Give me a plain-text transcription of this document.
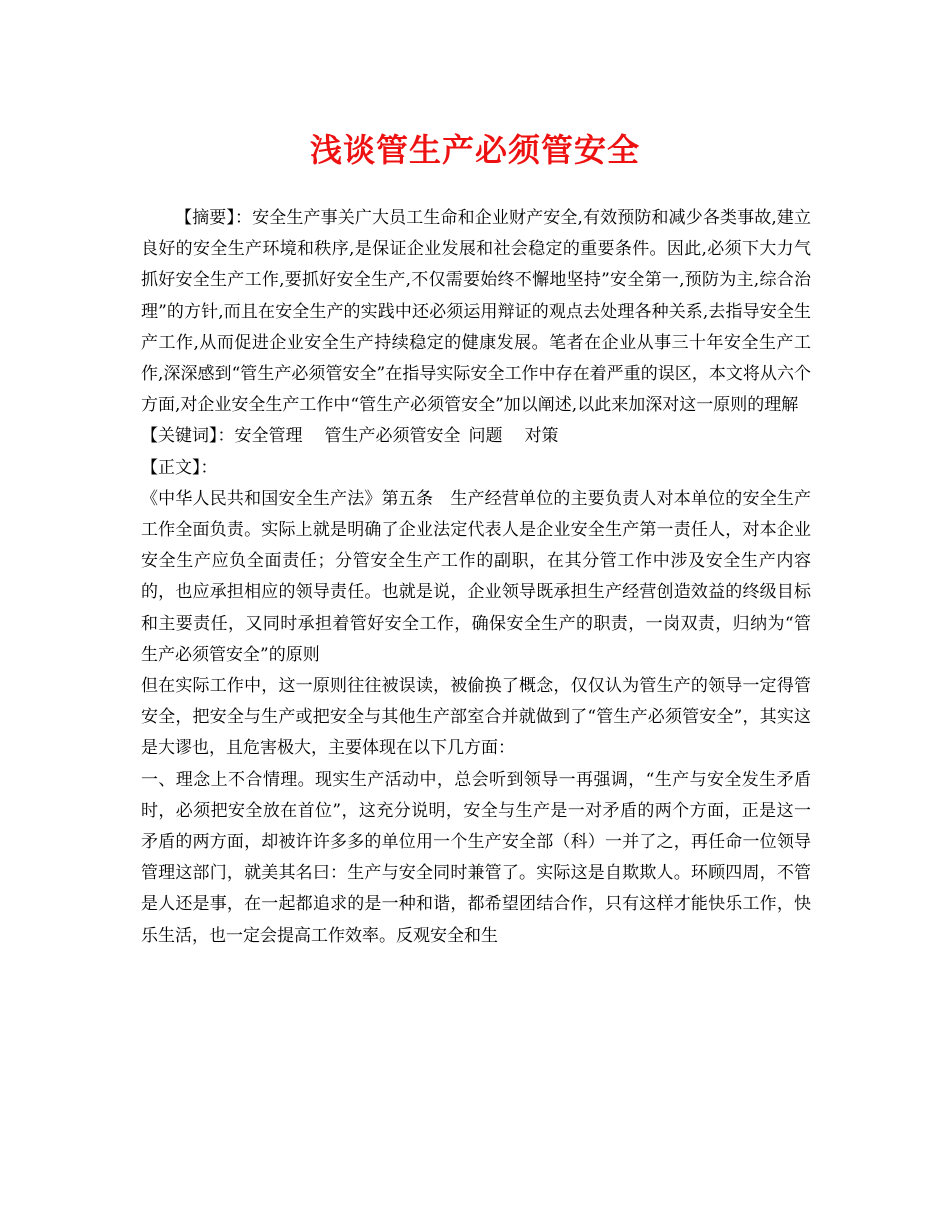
浅谈管生产必须管安全

【摘要】：安全生产事关广大员工生命和企业财产安全,有效预防和减少各类事故,建立良好的安全生产环境和秩序,是保证企业发展和社会稳定的重要条件。因此,必须下大力气抓好安全生产工作,要抓好安全生产,不仅需要始终不懈地坚持”安全第一,预防为主,综合治理”的方针,而且在安全生产的实践中还必须运用辩证的观点去处理各种关系,去指导安全生产工作,从而促进企业安全生产持续稳定的健康发展。笔者在企业从事三十年安全生产工作,深深感到“管生产必须管安全”在指导实际安全工作中存在着严重的误区，本文将从六个方面,对企业安全生产工作中“管生产必须管安全”加以阐述,以此来加深对这一原则的理解

【关键词】：安全管理 管生产必须管安全 问题 对策

【正文】：

《中华人民共和国安全生产法》第五条　生产经营单位的主要负责人对本单位的安全生产工作全面负责。实际上就是明确了企业法定代表人是企业安全生产第一责任人，对本企业安全生产应负全面责任；分管安全生产工作的副职，在其分管工作中涉及安全生产内容的，也应承担相应的领导责任。也就是说，企业领导既承担生产经营创造效益的终级目标和主要责任，又同时承担着管好安全工作，确保安全生产的职责，一岗双责，归纳为“管生产必须管安全”的原则

但在实际工作中，这一原则往往被误读，被偷换了概念，仅仅认为管生产的领导一定得管安全，把安全与生产或把安全与其他生产部室合并就做到了“管生产必须管安全”，其实这是大谬也，且危害极大，主要体现在以下几方面：

一、理念上不合情理。现实生产活动中，总会听到领导一再强调，“生产与安全发生矛盾时，必须把安全放在首位”，这充分说明，安全与生产是一对矛盾的两个方面，正是这一矛盾的两方面，却被许许多多的单位用一个生产安全部（科）一并了之，再任命一位领导管理这部门，就美其名曰：生产与安全同时兼管了。实际这是自欺欺人。环顾四周，不管是人还是事，在一起都追求的是一种和谐，都希望团结合作，只有这样才能快乐工作，快乐生活，也一定会提高工作效率。反观安全和生
